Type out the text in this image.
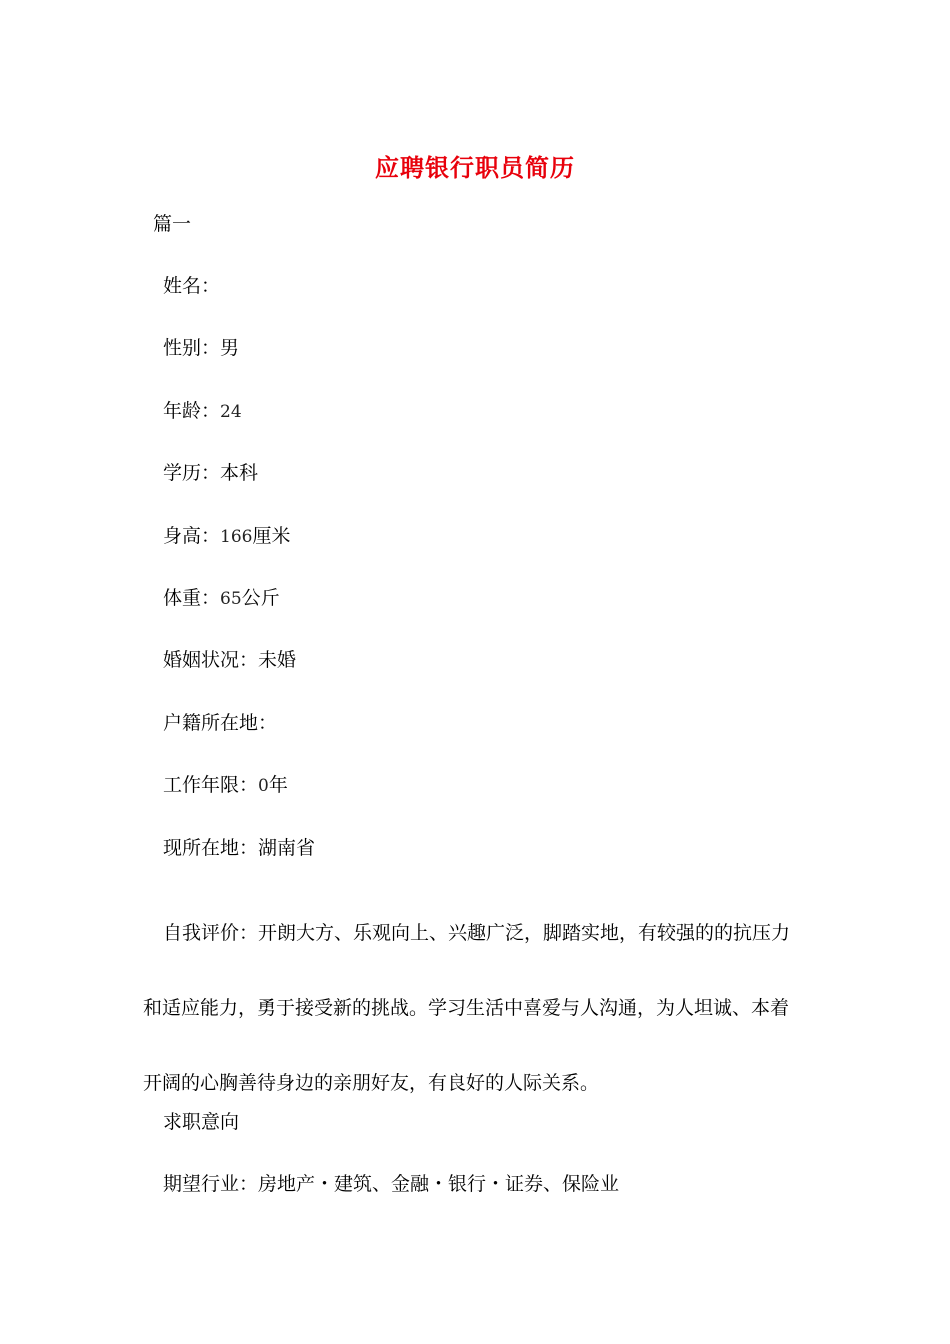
应聘银行职员简历
篇一
姓名：
性别：男
年龄：24
学历：本科
身高：166厘米
体重：65公斤
婚姻状况：未婚
户籍所在地：
工作年限：0年
现所在地：湖南省

自我评价：开朗大方、乐观向上、兴趣广泛，脚踏实地，有较强的的抗压力
和适应能力，勇于接受新的挑战。学习生活中喜爱与人沟通，为人坦诚、本着
开阔的心胸善待身边的亲朋好友，有良好的人际关系。

求职意向
期望行业：房地产・建筑、金融・银行・证券、保险业
